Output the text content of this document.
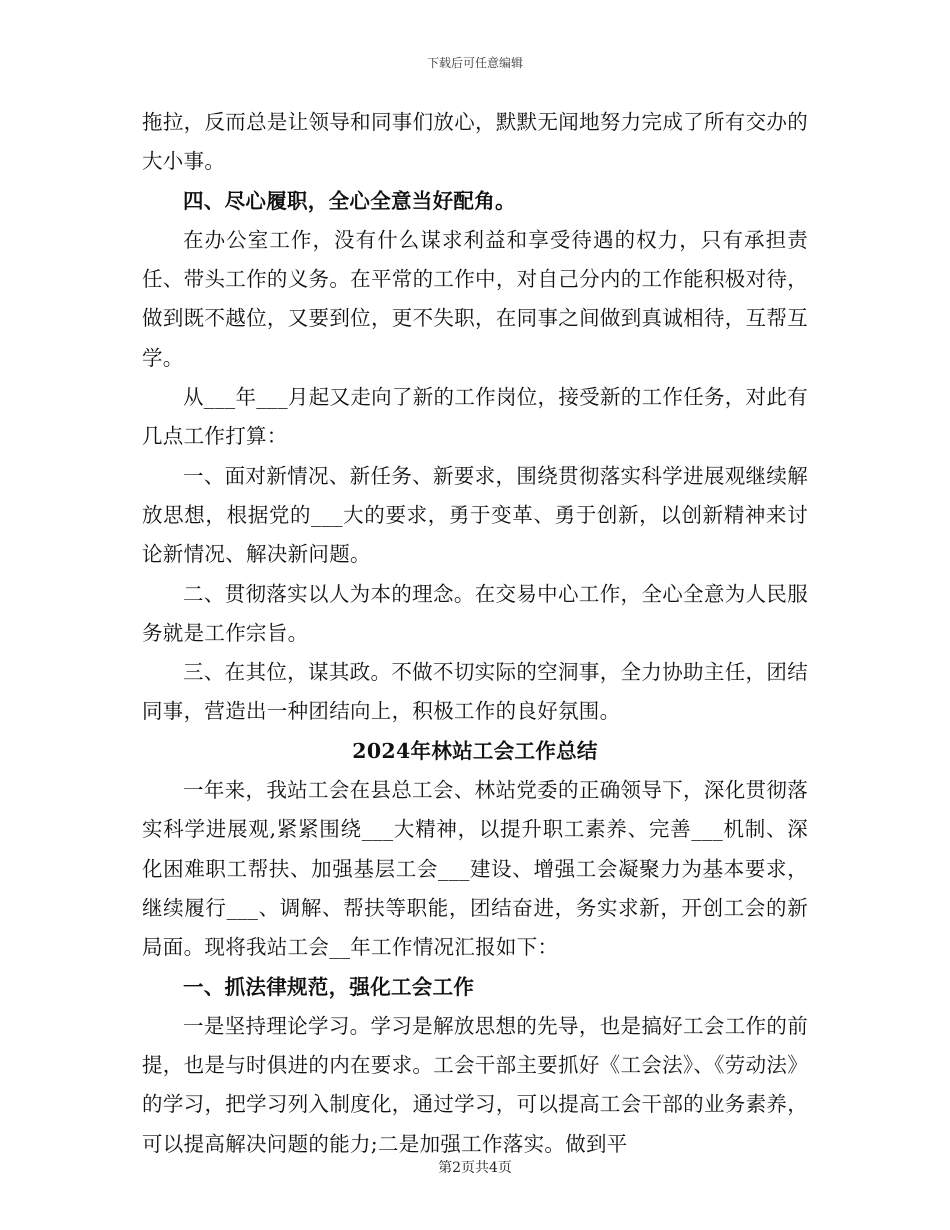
下载后可任意编辑

拖拉，反而总是让领导和同事们放心，默默无闻地努力完成了所有交办的大小事。

四、尽心履职，全心全意当好配角。

在办公室工作，没有什么谋求利益和享受待遇的权力，只有承担责任、带头工作的义务。在平常的工作中，对自己分内的工作能积极对待，做到既不越位，又要到位，更不失职，在同事之间做到真诚相待，互帮互学。

从___年___月起又走向了新的工作岗位，接受新的工作任务，对此有几点工作打算：

一、面对新情况、新任务、新要求，围绕贯彻落实科学进展观继续解放思想，根据党的___大的要求，勇于变革、勇于创新，以创新精神来讨论新情况、解决新问题。

二、贯彻落实以人为本的理念。在交易中心工作，全心全意为人民服务就是工作宗旨。

三、在其位，谋其政。不做不切实际的空洞事，全力协助主任，团结同事，营造出一种团结向上，积极工作的良好氛围。

2024年林站工会工作总结

一年来，我站工会在县总工会、林站党委的正确领导下，深化贯彻落实科学进展观,紧紧围绕___大精神，以提升职工素养、完善___机制、深化困难职工帮扶、加强基层工会___建设、增强工会凝聚力为基本要求，继续履行___、调解、帮扶等职能，团结奋进，务实求新，开创工会的新局面。现将我站工会__年工作情况汇报如下：

一、抓法律规范，强化工会工作

一是坚持理论学习。学习是解放思想的先导，也是搞好工会工作的前提，也是与时俱进的内在要求。工会干部主要抓好《工会法》、《劳动法》的学习，把学习列入制度化，通过学习，可以提高工会干部的业务素养，可以提高解决问题的能力;二是加强工作落实。做到平

第2页共4页
